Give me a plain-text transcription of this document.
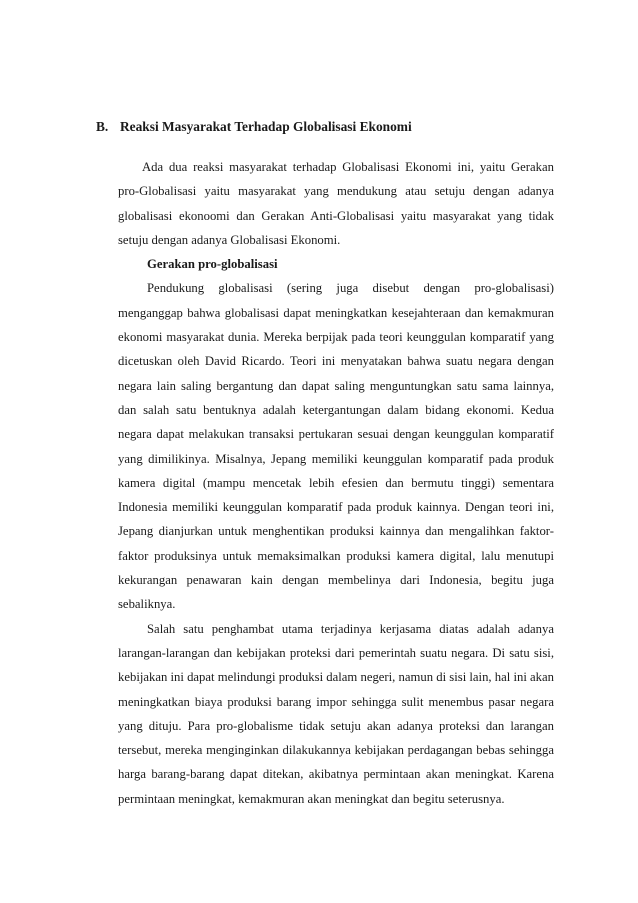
B. Reaksi Masyarakat Terhadap Globalisasi Ekonomi

Ada dua reaksi masyarakat terhadap Globalisasi Ekonomi ini, yaitu Gerakan pro-Globalisasi yaitu masyarakat yang mendukung atau setuju dengan adanya globalisasi ekonoomi dan Gerakan Anti-Globalisasi yaitu masyarakat yang tidak setuju dengan adanya Globalisasi Ekonomi.

Gerakan pro-globalisasi

Pendukung globalisasi (sering juga disebut dengan pro-globalisasi) menganggap bahwa globalisasi dapat meningkatkan kesejahteraan dan kemakmuran ekonomi masyarakat dunia. Mereka berpijak pada teori keunggulan komparatif yang dicetuskan oleh David Ricardo. Teori ini menyatakan bahwa suatu negara dengan negara lain saling bergantung dan dapat saling menguntungkan satu sama lainnya, dan salah satu bentuknya adalah ketergantungan dalam bidang ekonomi. Kedua negara dapat melakukan transaksi pertukaran sesuai dengan keunggulan komparatif yang dimilikinya. Misalnya, Jepang memiliki keunggulan komparatif pada produk kamera digital (mampu mencetak lebih efesien dan bermutu tinggi) sementara Indonesia memiliki keunggulan komparatif pada produk kainnya. Dengan teori ini, Jepang dianjurkan untuk menghentikan produksi kainnya dan mengalihkan faktor-faktor produksinya untuk memaksimalkan produksi kamera digital, lalu menutupi kekurangan penawaran kain dengan membelinya dari Indonesia, begitu juga sebaliknya.

Salah satu penghambat utama terjadinya kerjasama diatas adalah adanya larangan-larangan dan kebijakan proteksi dari pemerintah suatu negara. Di satu sisi, kebijakan ini dapat melindungi produksi dalam negeri, namun di sisi lain, hal ini akan meningkatkan biaya produksi barang impor sehingga sulit menembus pasar negara yang dituju. Para pro-globalisme tidak setuju akan adanya proteksi dan larangan tersebut, mereka menginginkan dilakukannya kebijakan perdagangan bebas sehingga harga barang-barang dapat ditekan, akibatnya permintaan akan meningkat. Karena permintaan meningkat, kemakmuran akan meningkat dan begitu seterusnya.
